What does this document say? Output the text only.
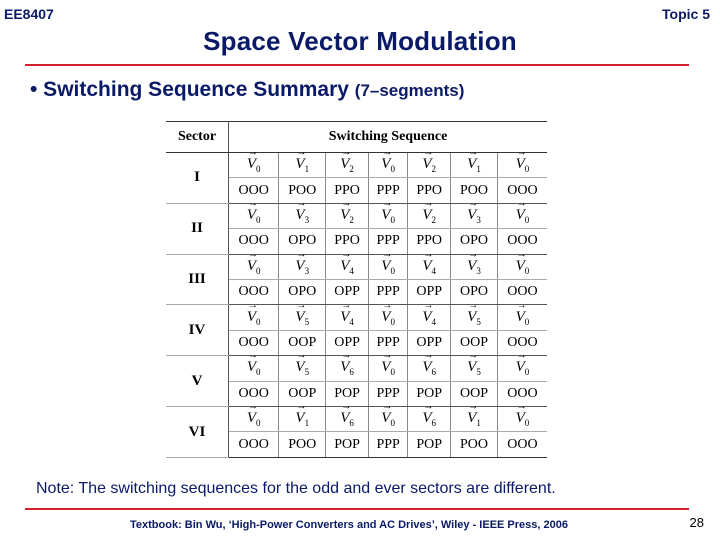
EE8407	Topic 5
Space Vector Modulation
• Switching Sequence Summary (7–segments)
Sector	Switching Sequence						
I	→ $V_0$	→ $V_1$	→ $V_2$	→ $V_0$	→ $V_2$	→ $V_1$	→ $V_0$
	OOO	POO	PPO	PPP	PPO	POO	OOO
II	→ $V_0$	→ $V_3$	→ $V_2$	→ $V_0$	→ $V_2$	→ $V_3$	→ $V_0$
	OOO	OPO	PPO	PPP	PPO	OPO	OOO
III	→ $V_0$	→ $V_3$	→ $V_4$	→ $V_0$	→ $V_4$	→ $V_3$	→ $V_0$
	OOO	OPO	OPP	PPP	OPP	OPO	OOO
IV	→ $V_0$	→ $V_5$	→ $V_4$	→ $V_0$	→ $V_4$	→ $V_5$	→ $V_0$
	OOO	OOP	OPP	PPP	OPP	OOP	OOO
V	→ $V_0$	→ $V_5$	→ $V_6$	→ $V_0$	→ $V_6$	→ $V_5$	→ $V_0$
	OOO	OOP	POP	PPP	POP	OOP	OOO
VI	→ $V_0$	→ $V_1$	→ $V_6$	→ $V_0$	→ $V_6$	→ $V_1$	→ $V_0$
	OOO	POO	POP	PPP	POP	POO	OOO
Note: The switching sequences for the odd and ever sectors are different.
Textbook: Bin Wu, ‘High-Power Converters and AC Drives’, Wiley - IEEE Press, 2006	28
